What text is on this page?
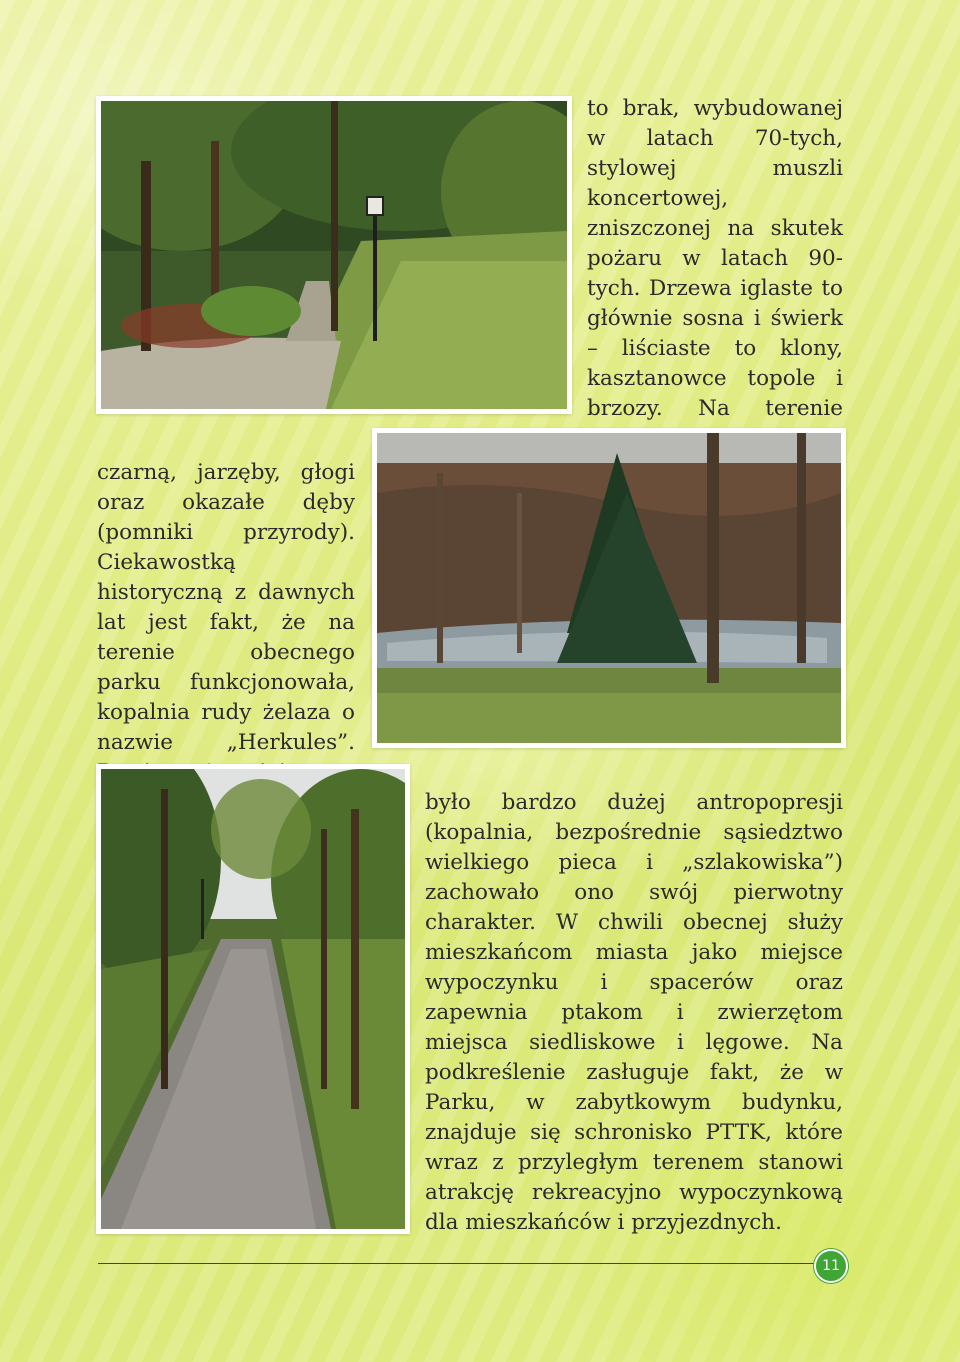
to brak, wybudowanej w latach 70-tych, stylowej muszli koncertowej, zniszczonej na skutek pożaru w latach 90-tych. Drzewa iglaste to głównie sosna i świerk – liściaste to klony, kasztanowce topole i brzozy. Na terenie

czarną, jarzęby, głogi oraz okazałe dęby (pomniki przyrody). Ciekawostką historyczną z dawnych lat jest fakt, że na terenie obecnego parku funkcjonowała, kopalnia rudy żelaza o nazwie „Herkules”.

było bardzo dużej antropopresji (kopalnia, bezpośrednie sąsiedztwo wielkiego pieca i „szlakowiska”) zachowało ono swój pierwotny charakter. W chwili obecnej służy mieszkańcom miasta jako miejsce wypoczynku i spacerów oraz zapewnia ptakom i zwierzętom miejsca siedliskowe i lęgowe. Na podkreślenie zasługuje fakt, że w Parku, w zabytkowym budynku, znajduje się schronisko PTTK, które wraz z przyległym terenem stanowi atrakcję rekreacyjno wypoczynkową dla mieszkańców i przyjezdnych.

11
